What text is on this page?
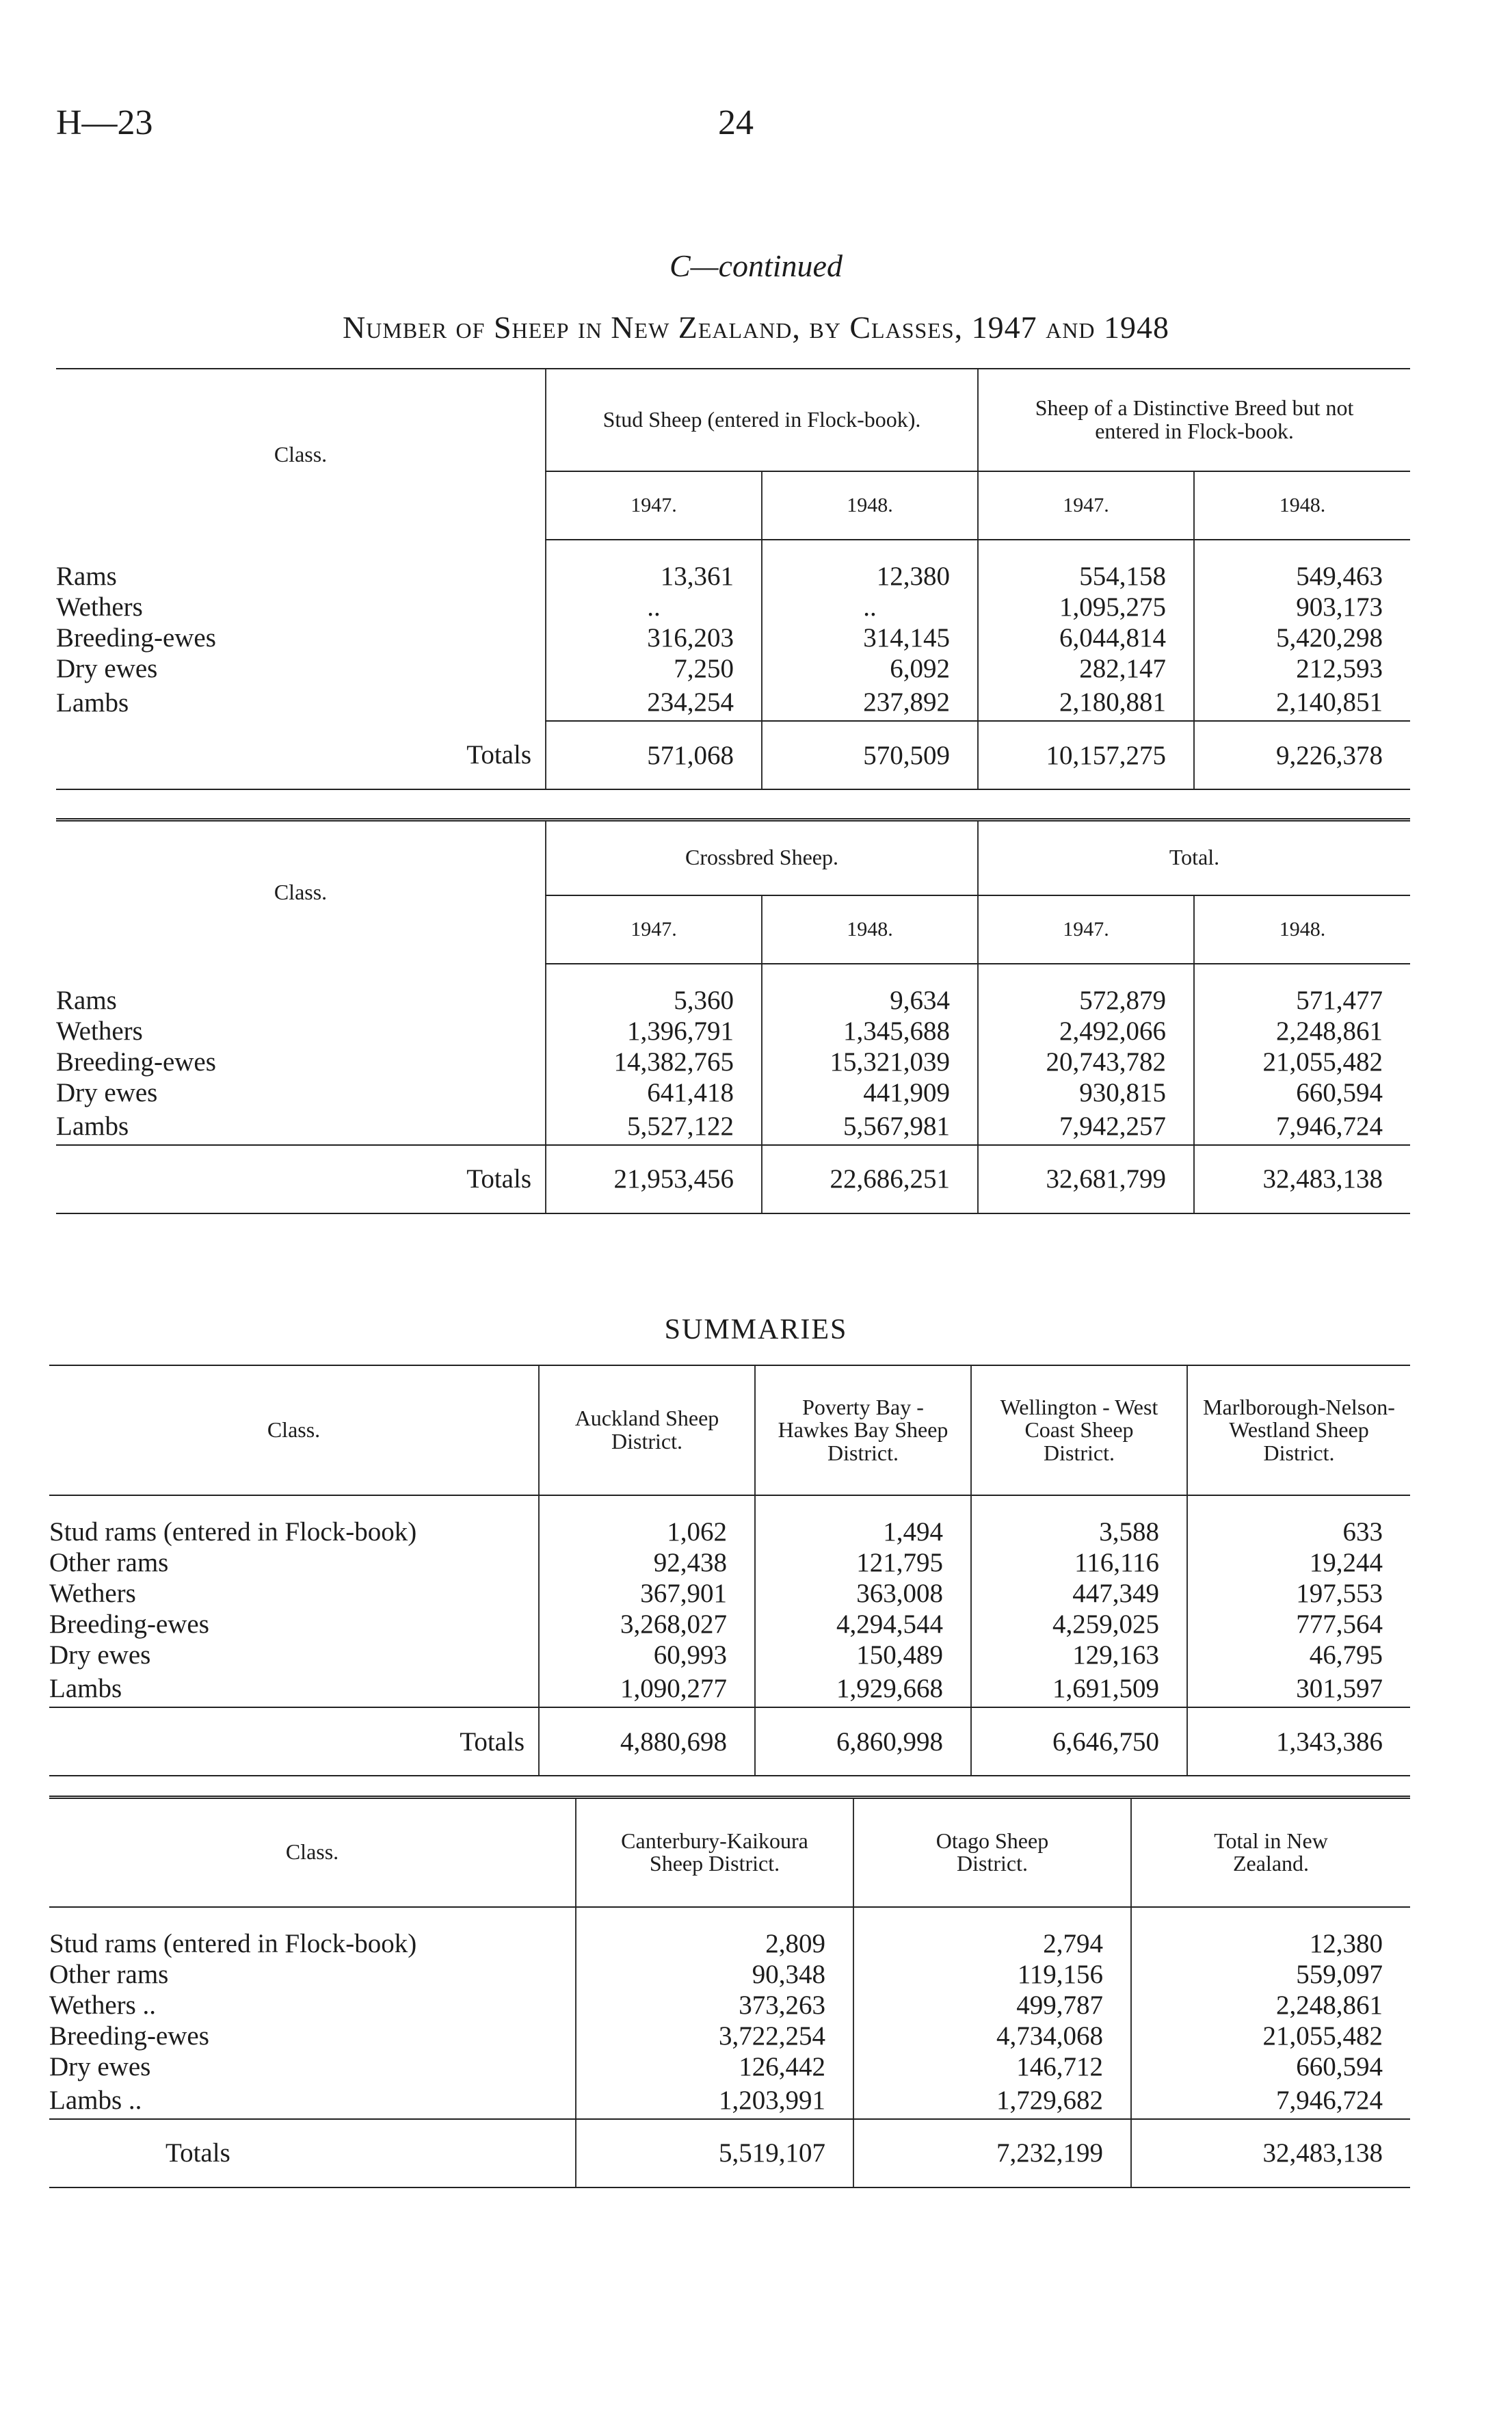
H—23	24
C—continued
Number of Sheep in New Zealand, by Classes, 1947 and 1948
Class.	Stud Sheep (entered in Flock-book).		Sheep of a Distinctive Breed but not entered in Flock-book.	
	1947.	1948.	1947.	1948.

Rams	13,361	12,380	554,158	549,463
Wethers	..	..	1,095,275	903,173
Breeding-ewes	316,203	314,145	6,044,814	5,420,298
Dry ewes	7,250	6,092	282,147	212,593
Lambs	234,254	237,892	2,180,881	2,140,851
Totals	571,068	570,509	10,157,275	9,226,378
Class.	Crossbred Sheep.		Total.	
	1947.	1948.	1947.	1948.

Rams	5,360	9,634	572,879	571,477
Wethers	1,396,791	1,345,688	2,492,066	2,248,861
Breeding-ewes	14,382,765	15,321,039	20,743,782	21,055,482
Dry ewes	641,418	441,909	930,815	660,594
Lambs	5,527,122	5,567,981	7,942,257	7,946,724
Totals	21,953,456	22,686,251	32,681,799	32,483,138
SUMMARIES
Class.	Auckland Sheep District.	Poverty Bay - Hawkes Bay Sheep District.	Wellington - West Coast Sheep District.	Marlborough-Nelson-Westland Sheep District.

Stud rams (entered in Flock-book)	1,062	1,494	3,588	633
Other rams	92,438	121,795	116,116	19,244
Wethers	367,901	363,008	447,349	197,553
Breeding-ewes	3,268,027	4,294,544	4,259,025	777,564
Dry ewes	60,993	150,489	129,163	46,795
Lambs	1,090,277	1,929,668	1,691,509	301,597
Totals	4,880,698	6,860,998	6,646,750	1,343,386
Class.	Canterbury-Kaikoura Sheep District.	Otago Sheep District.	Total in New Zealand.

Stud rams (entered in Flock-book)	2,809	2,794	12,380
Other rams	90,348	119,156	559,097
Wethers ..	373,263	499,787	2,248,861
Breeding-ewes	3,722,254	4,734,068	21,055,482
Dry ewes	126,442	146,712	660,594
Lambs ..	1,203,991	1,729,682	7,946,724
Totals	5,519,107	7,232,199	32,483,138
